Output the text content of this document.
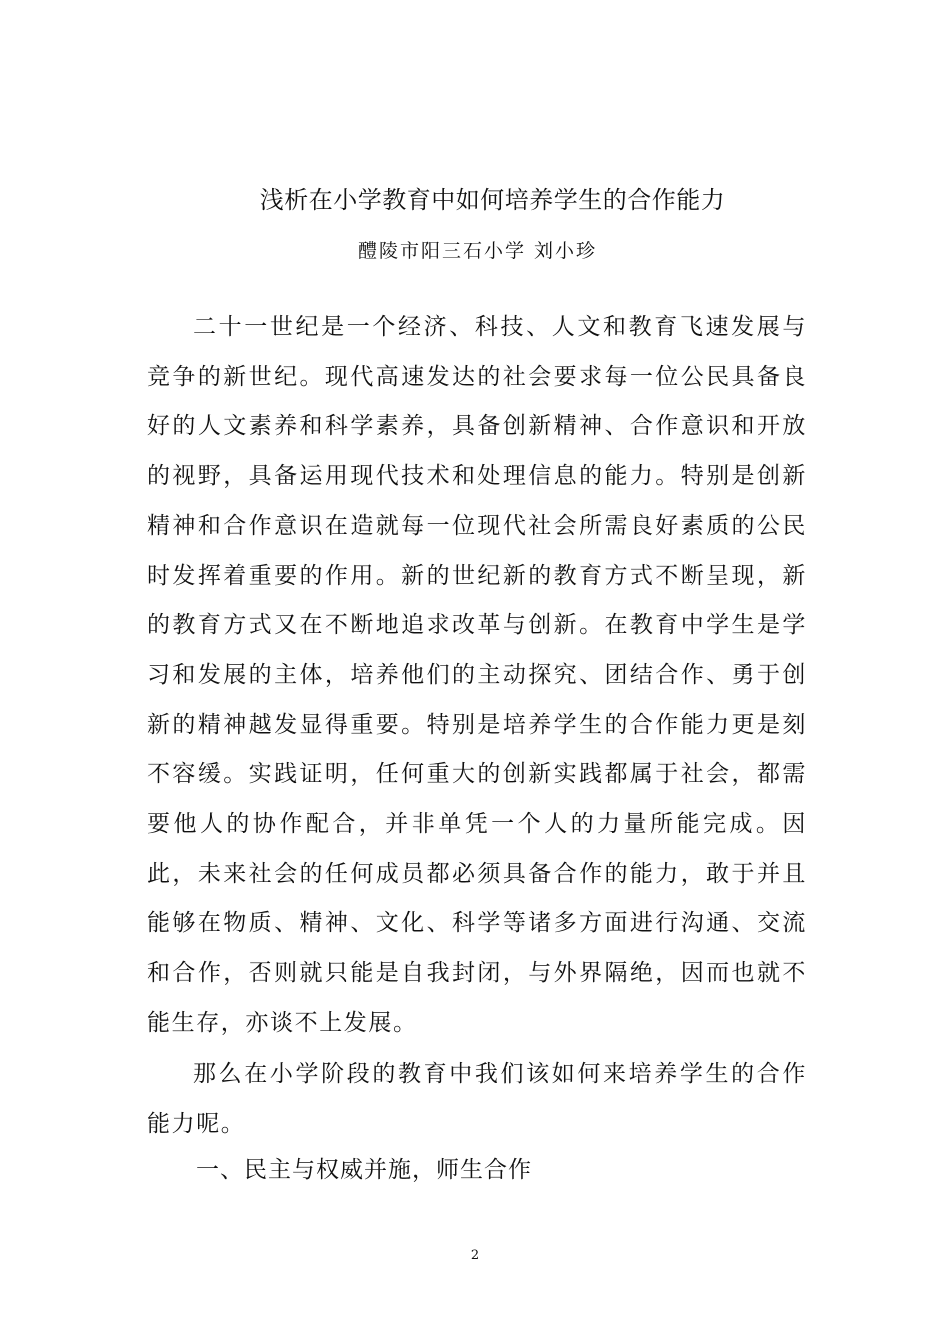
浅析在小学教育中如何培养学生的合作能力

醴陵市阳三石小学 刘小珍

二十一世纪是一个经济、科技、人文和教育飞速发展与竞争的新世纪。现代高速发达的社会要求每一位公民具备良好的人文素养和科学素养，具备创新精神、合作意识和开放的视野，具备运用现代技术和处理信息的能力。特别是创新精神和合作意识在造就每一位现代社会所需良好素质的公民时发挥着重要的作用。新的世纪新的教育方式不断呈现，新的教育方式又在不断地追求改革与创新。在教育中学生是学习和发展的主体，培养他们的主动探究、团结合作、勇于创新的精神越发显得重要。特别是培养学生的合作能力更是刻不容缓。实践证明，任何重大的创新实践都属于社会，都需要他人的协作配合，并非单凭一个人的力量所能完成。因此，未来社会的任何成员都必须具备合作的能力，敢于并且能够在物质、精神、文化、科学等诸多方面进行沟通、交流和合作，否则就只能是自我封闭，与外界隔绝，因而也就不能生存，亦谈不上发展。

那么在小学阶段的教育中我们该如何来培养学生的合作能力呢。

一、民主与权威并施，师生合作
2
